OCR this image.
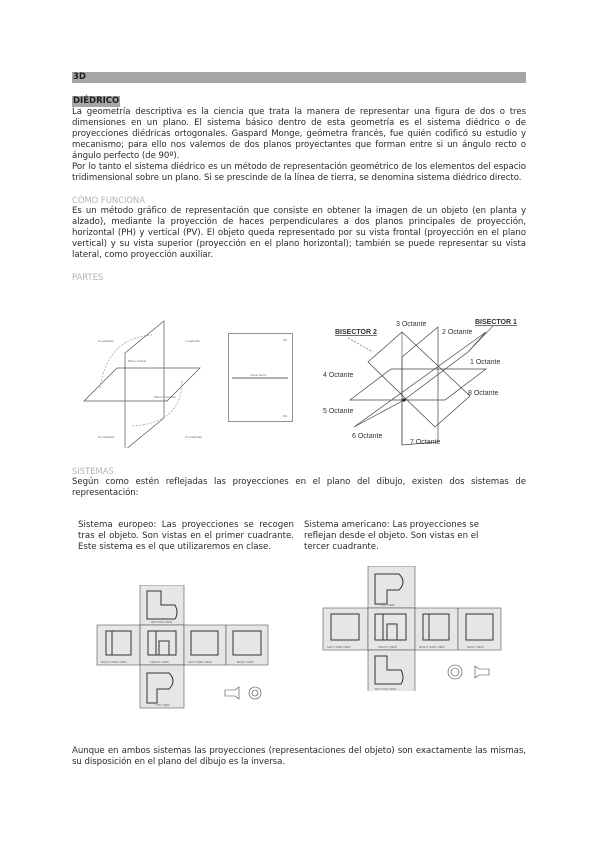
3D
DIÉDRICO

La geometría descriptiva es la ciencia que trata la manera de representar una figura de dos o tres dimensiones en un plano. El sistema básico dentro de esta geometría es el sistema diédrico o de proyecciones diédricas ortogonales. Gaspard Monge, geómetra francés, fue quién codificó su estudio y mecanismo; para ello nos valemos de dos planos proyectantes que forman entre si un ángulo recto o ángulo perfecto (de 90º).

Por lo tanto el sistema diédrico es un método de representación geométrico de los elementos del espacio tridimensional sobre un plano. Si se prescinde de la línea de tierra, se denomina sistema diédrico directo.

CÓMO FUNCIONA

Es un método gráfico de representación que consiste en obtener la imagen de un objeto (en planta y alzado), mediante la proyección de haces perpendiculares a dos planos principales de proyección, horizontal (PH) y vertical (PV). El objeto queda representado por su vista frontal (proyección en el plano vertical) y su vista superior (proyección en el plano horizontal); también se puede representar su vista lateral, como proyección auxiliar.

PARTES
Plano vertical
Plano horizontal
I cuadrante
II cuadrante
III cuadrante	IV cuadrante
Línea Tierra
PV
PH
3 Octante
2 Octante
1 Octante
4 Octante
8 Octante
5 Octante
6 Octante
7 Octante
BISECTOR 2
BISECTOR 1
SISTEMAS

Según como estén reflejadas las proyecciones en el plano del dibujo, existen dos sistemas de representación:

Sistema europeo: Las proyecciones se recogen tras el objeto. Son vistas en el primer cuadrante. Este sistema es el que utilizaremos en clase.
Sistema americano: Las proyecciones se reflejan desde el objeto. Son vistas en el tercer cuadrante.
BOTTOM VIEW
RIGHT SIDE VIEW	FRONT VIEW	LEFT SIDE VIEW	BACK VIEW
TOP VIEW
TOP VIEW
LEFT SIDE VIEW	FRONT VIEW	RIGHT SIDE VIEW	BACK VIEW
BOTTOM VIEW

Aunque en ambos sistemas las proyecciones (representaciones del objeto) son exactamente las mismas, su disposición en el plano del dibujo es la inversa.
